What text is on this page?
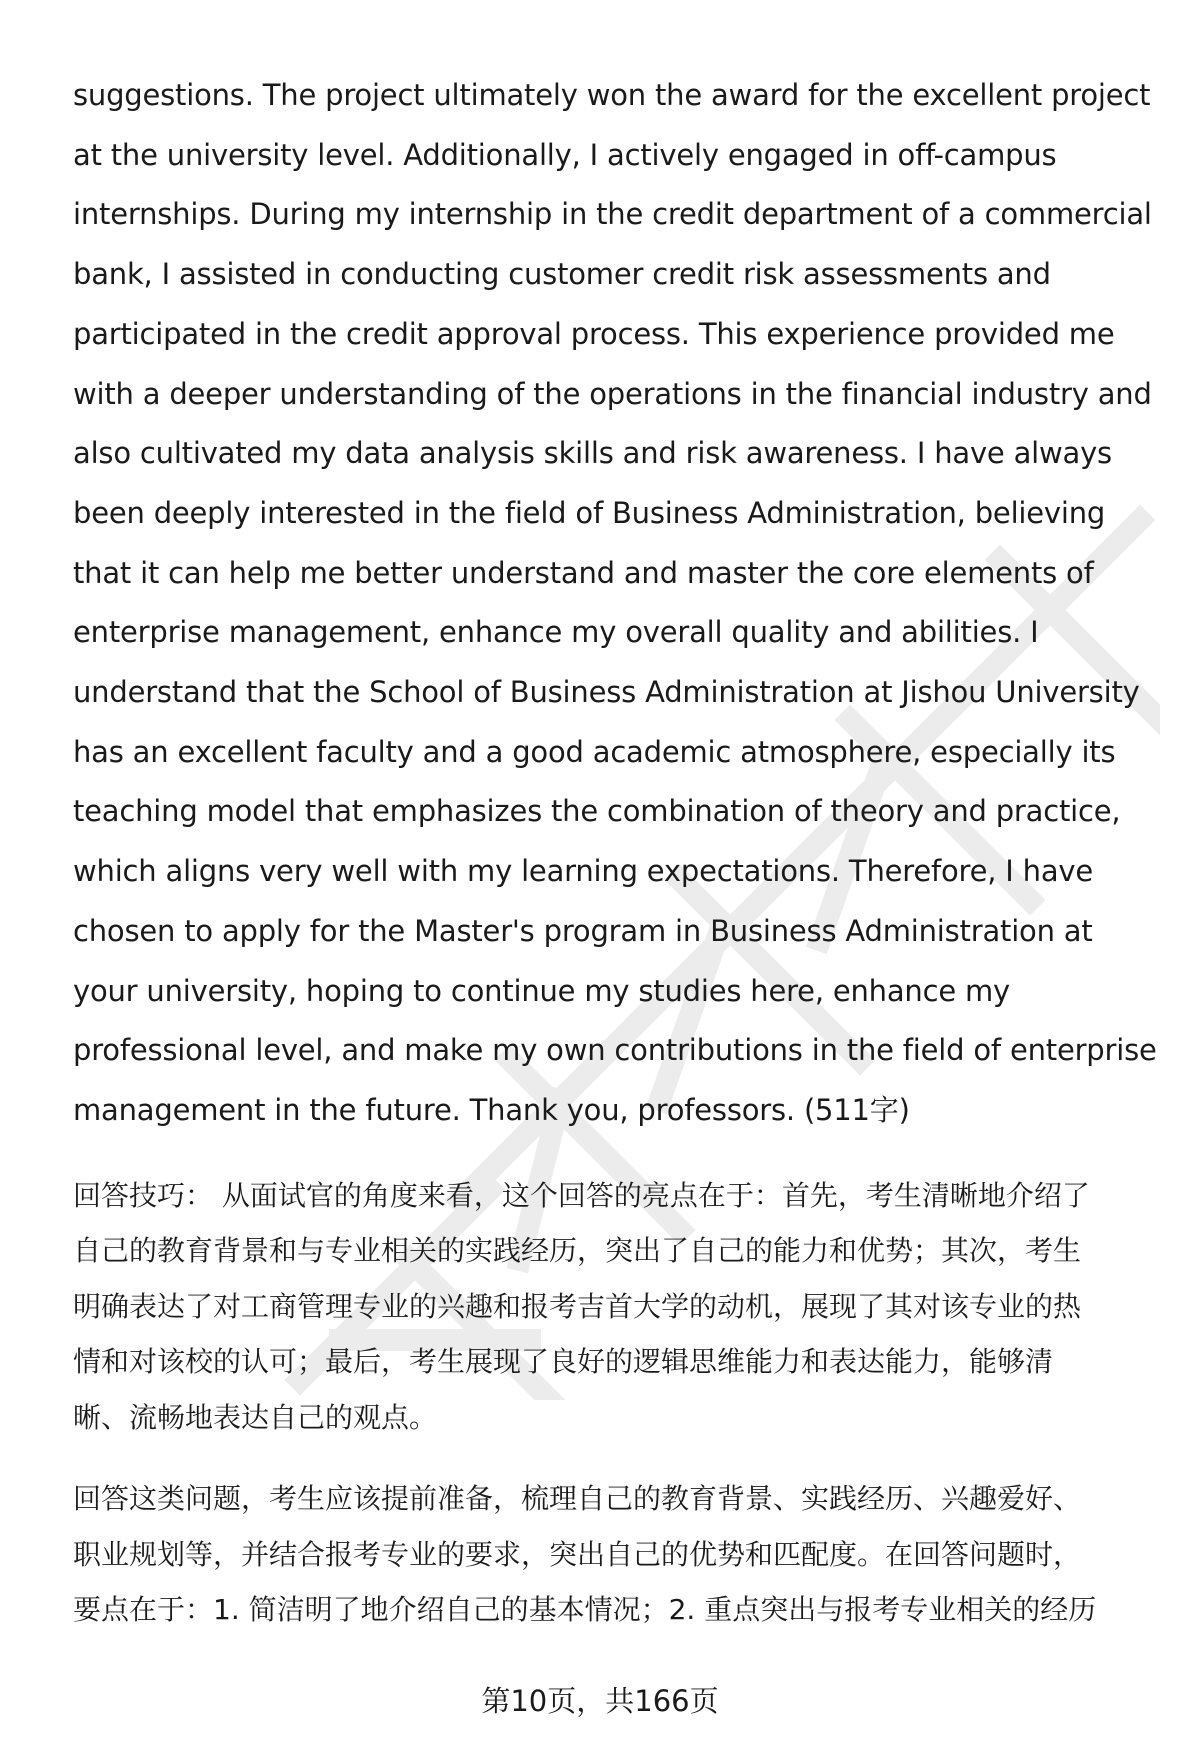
suggestions. The project ultimately won the award for the excellent project
at the university level. Additionally, I actively engaged in off-campus
internships. During my internship in the credit department of a commercial
bank, I assisted in conducting customer credit risk assessments and
participated in the credit approval process. This experience provided me
with a deeper understanding of the operations in the financial industry and
also cultivated my data analysis skills and risk awareness. I have always
been deeply interested in the field of Business Administration, believing
that it can help me better understand and master the core elements of
enterprise management, enhance my overall quality and abilities. I
understand that the School of Business Administration at Jishou University
has an excellent faculty and a good academic atmosphere, especially its
teaching model that emphasizes the combination of theory and practice,
which aligns very well with my learning expectations. Therefore, I have
chosen to apply for the Master's program in Business Administration at
your university, hoping to continue my studies here, enhance my
professional level, and make my own contributions in the field of enterprise
management in the future. Thank you, professors. (511字)

回答技巧： 从面试官的角度来看，这个回答的亮点在于：首先，考生清晰地介绍了
自己的教育背景和与专业相关的实践经历，突出了自己的能力和优势；其次，考生
明确表达了对工商管理专业的兴趣和报考吉首大学的动机，展现了其对该专业的热
情和对该校的认可；最后，考生展现了良好的逻辑思维能力和表达能力，能够清
晰、流畅地表达自己的观点。

回答这类问题，考生应该提前准备，梳理自己的教育背景、实践经历、兴趣爱好、
职业规划等，并结合报考专业的要求，突出自己的优势和匹配度。在回答问题时，
要点在于：1. 简洁明了地介绍自己的基本情况；2. 重点突出与报考专业相关的经历

第10页，共166页
